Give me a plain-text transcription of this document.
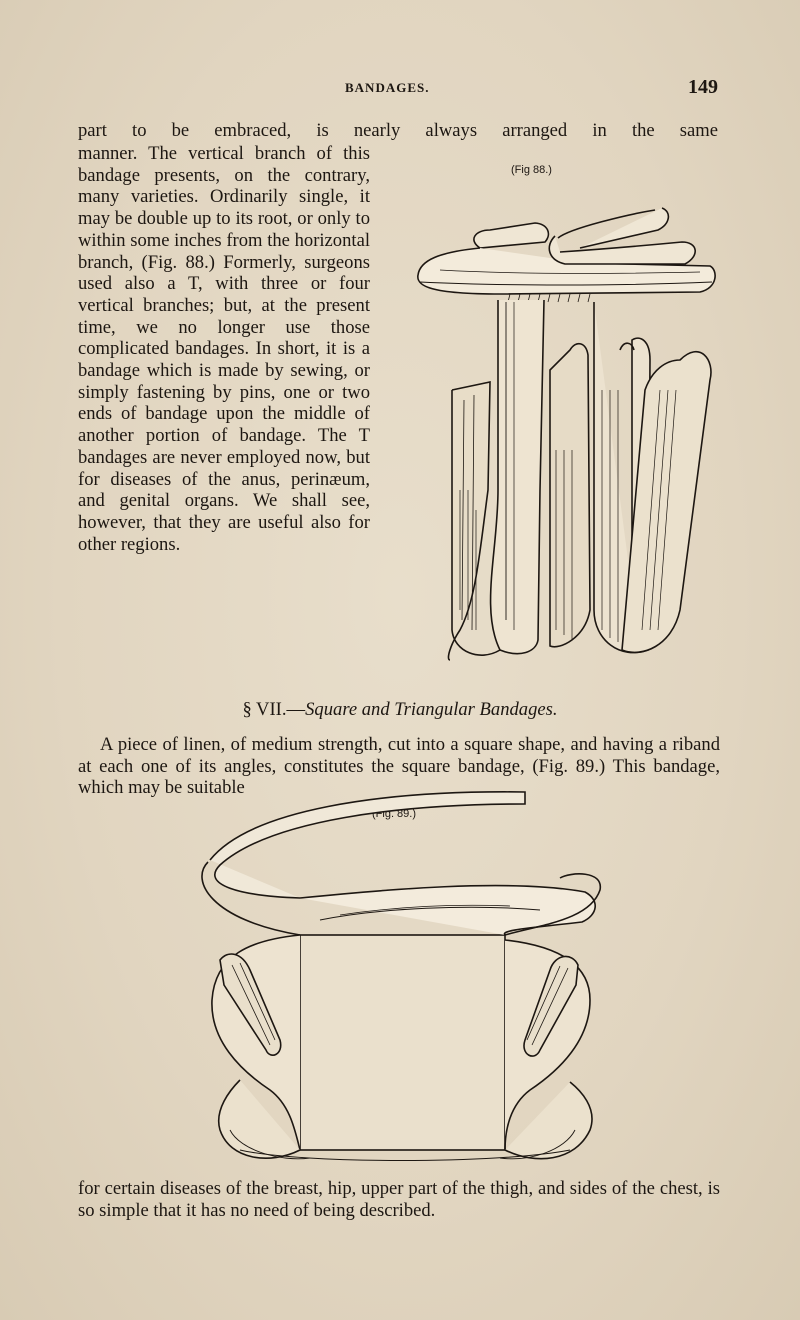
BANDAGES.	149

part to be embraced, is nearly always arranged in the same

manner. The vertical branch of this bandage presents, on the contrary, many varieties. Ordinarily single, it may be double up to its root, or only to within some inches from the horizontal branch, (Fig. 88.) Formerly, surgeons used also a T, with three or four vertical branches; but, at the present time, we no longer use those complicated bandages. In short, it is a bandage which is made by sewing, or simply fastening by pins, one or two ends of bandage upon the middle of another portion of bandage. The T bandages are never employed now, but for diseases of the anus, perinæum, and genital organs. We shall see, however, that they are useful also for other regions.

(Fig 88.)
§ VII.—Square and Triangular Bandages.

A piece of linen, of medium strength, cut into a square shape, and having a riband at each one of its angles, constitutes the square bandage, (Fig. 89.) This bandage, which may be suitable

(Fig. 89.)

for certain diseases of the breast, hip, upper part of the thigh, and sides of the chest, is so simple that it has no need of being described.
